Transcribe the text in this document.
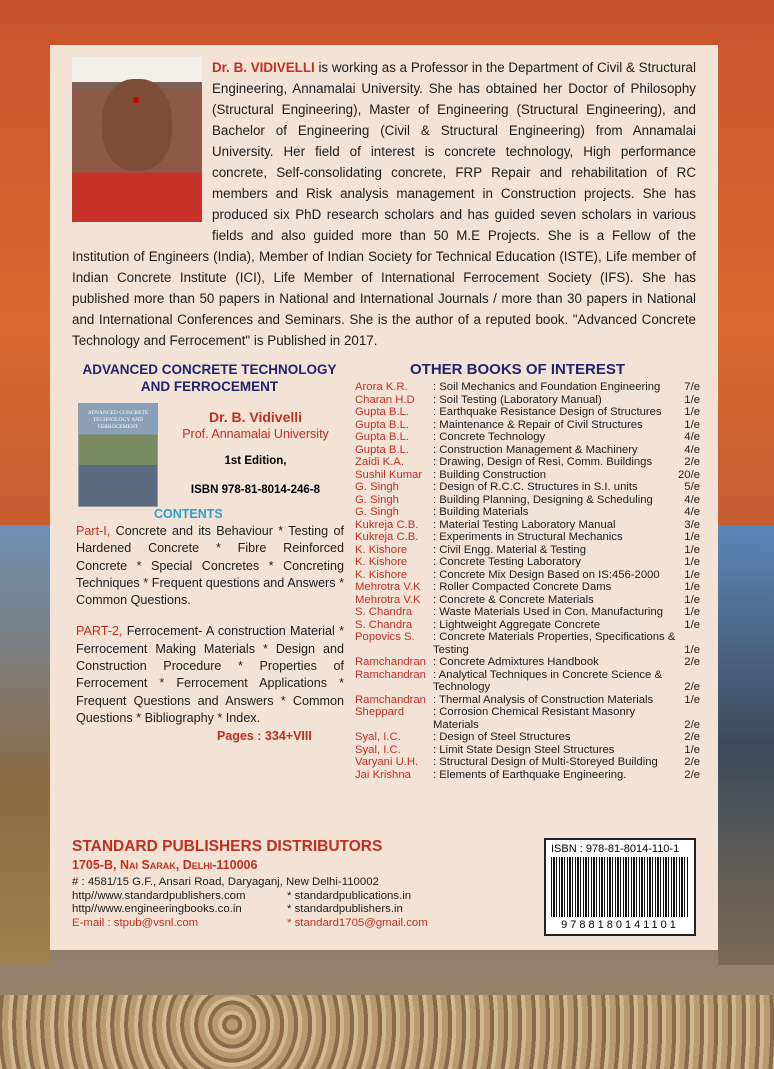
Dr. B. VIDIVELLI is working as a Professor in the Department of Civil & Structural Engineering, Annamalai University. She has obtained her Doctor of Philosophy (Structural Engineering), Master of Engineering (Structural Engineering), and Bachelor of Engineering (Civil & Structural Engineering) from Annamalai University. Her field of interest is concrete technology, High performance concrete, Self-consolidating concrete, FRP Repair and rehabilitation of RC members and Risk analysis management in Construction projects. She has produced six PhD research scholars and has guided seven scholars in various fields and also guided more than 50 M.E Projects. She is a Fellow of the Institution of Engineers (India), Member of Indian Society for Technical Education (ISTE), Life member of Indian Concrete Institute (ICI), Life Member of International Ferrocement Society (IFS). She has published more than 50 papers in National and International Journals / more than 30 papers in National and International Conferences and Seminars. She is the author of a reputed book. "Advanced Concrete Technology and Ferrocement" is Published in 2017.
ADVANCED CONCRETE TECHNOLOGY AND FERROCEMENT
ADVANCED CONCRETE TECHNOLOGY AND FERROCEMENT
Dr. B. Vidivelli
Prof. Annamalai University
1st Edition,
ISBN 978-81-8014-246-8
CONTENTS
Part-I, Concrete and its Behaviour * Testing of Hardened Concrete * Fibre Reinforced Concrete * Special Concretes * Concreting Techniques * Frequent questions and Answers * Common Questions.
PART-2, Ferrocement- A construction Material * Ferrocement Making Materials * Design and Construction Procedure * Properties of Ferrocement * Ferrocement Applications * Frequent Questions and Answers * Common Questions * Bibliography * Index.
Pages : 334+VIII
OTHER BOOKS OF INTEREST
Arora K.R.	: Soil Mechanics and Foundation Engineering	7/e
Charan H.D	: Soil Testing (Laboratory Manual)	1/e
Gupta B.L.	: Earthquake Resistance Design of Structures	1/e
Gupta B.L.	: Maintenance & Repair of Civil Structures	1/e
Gupta B.L.	: Concrete Technology	4/e
Gupta B.L.	: Construction Management & Machinery	4/e
Zaidi K.A.	: Drawing, Design of Resi, Comm. Buildings	2/e
Sushil Kumar : Building Construction	20/e
G. Singh	: Design of R.C.C. Structures in S.I. units	5/e
G. Singh	: Building Planning, Designing & Scheduling	4/e
G. Singh	: Building Materials	4/e
Kukreja C.B.	: Material Testing Laboratory Manual	3/e
Kukreja C.B.	: Experiments in Structural Mechanics	1/e
K. Kishore	: Civil Engg. Material & Testing	1/e
K. Kishore	: Concrete Testing Laboratory	1/e
K. Kishore	: Concrete Mix Design Based on IS:456-2000	1/e
Mehrotra V.K	: Roller Compacted Concrete Dams	1/e
Mehrotra V.K	: Concrete & Concrete Materials	1/e
S. Chandra	: Waste Materials Used in Con. Manufacturing	1/e
S. Chandra	: Lightweight Aggregate Concrete	1/e
Popovics S.	: Concrete Materials Properties, Specifications & Testing	1/e
Ramchandran : Concrete Admixtures Handbook	2/e
Ramchandran : Analytical Techniques in Concrete Science & Technology	2/e
Ramchandran : Thermal Analysis of Construction Materials	1/e
Sheppard	: Corrosion Chemical Resistant Masonry Materials	2/e
Syal, I.C.	: Design of Steel Structures	2/e
Syal, I.C.	: Limit State Design Steel Structures	1/e
Varyani U.H.	: Structural Design of Multi-Storeyed Building	2/e
Jai Krishna	: Elements of Earthquake Engineering.	2/e
STANDARD PUBLISHERS DISTRIBUTORS
1705-B, Nai Sarak, Delhi-110006
# : 4581/15 G.F., Ansari Road, Daryaganj, New Delhi-110002
http//www.standardpublishers.com	* standardpublications.in
http//www.engineeringbooks.co.in	* standardpublishers.in
E-mail : stpub@vsnl.com	* standard1705@gmail.com
ISBN : 978-81-8014-110-1
9788180141101
